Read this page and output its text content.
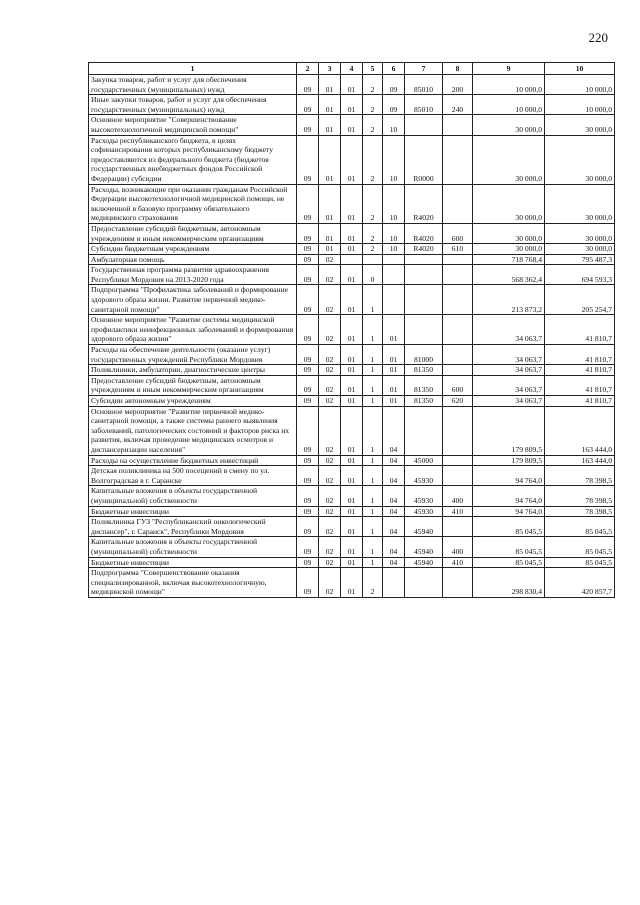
220
1	2	3	4	5	6	7	8	9	10
Закупка товаров, работ и услуг для обеспечения государственных (муниципальных) нужд	09	01	01	2	09	85010	200	10 000,0	10 000,0
Иные закупки товаров, работ и услуг для обеспечения государственных (муниципальных) нужд	09	01	01	2	09	85010	240	10 000,0	10 000,0
Основное мероприятие "Совершенствование высокотехнологичной медицинской помощи"	09	01	01	2	10			30 000,0	30 000,0
Расходы республиканского бюджета, в целях софинансирования которых республиканскому бюджету предоставляются из федерального бюджета (бюджетов государственных внебюджетных фондов Российской Федерации) субсидии	09	01	01	2	10	R0000		30 000,0	30 000,0
Расходы, возникающие при оказании гражданам Российской Федерации высокотехнологичной медицинской помощи, не включенной в базовую программу обязательного медицинского страхования	09	01	01	2	10	R4020		30 000,0	30 000,0
Предоставление субсидий бюджетным, автономным учреждениям и иным некоммерческим организациям	09	01	01	2	10	R4020	600	30 000,0	30 000,0
Субсидии бюджетным учреждениям	09	01	01	2	10	R4020	610	30 000,0	30 000,0
Амбулаторная помощь	09	02						718 768,4	795 487,3
Государственная программа развития здравоохранения Республики Мордовия на 2013-2020 года	09	02	01	0				568 362,4	694 593,3
Подпрограмма "Профилактика заболеваний и формирование здорового образа жизни. Развитие первичной медико-санитарной помощи"	09	02	01	1				213 873,2	205 254,7
Основное мероприятие "Развитие системы медицинской профилактики неинфекционных заболеваний и формирования здорового образа жизни"	09	02	01	1	01			34 063,7	41 810,7
Расходы на обеспечение деятельности (оказание услуг) государственных учреждений Республики Мордовия	09	02	01	1	01	81000		34 063,7	41 810,7
Поликлиники, амбулатории, диагностические центры	09	02	01	1	01	81350		34 063,7	41 810,7
Предоставление субсидий бюджетным, автономным учреждениям и иным некоммерческим организациям	09	02	01	1	01	81350	600	34 063,7	41 810,7
Субсидии автономным учреждениям	09	02	01	1	01	81350	620	34 063,7	41 810,7
Основное мероприятие "Развитие первичной медико-санитарной помощи, а также системы раннего выявления заболеваний, патологических состояний и факторов риска их развития, включая проведение медицинских осмотров и диспансеризации населения"	09	02	01	1	04			179 809,5	163 444,0
Расходы на осуществление бюджетных инвестиций	09	02	01	1	04	45000		179 809,5	163 444,0
Детская поликлиника на 500 посещений в смену по ул. Волгоградская в г. Саранске	09	02	01	1	04	45930		94 764,0	78 398,5
Капитальные вложения в объекты государственной (муниципальной) собственности	09	02	01	1	04	45930	400	94 764,0	78 398,5
Бюджетные инвестиции	09	02	01	1	04	45930	410	94 764,0	78 398,5
Поликлиника ГУЗ "Республиканский онкологический диспансер", г. Саранск", Республики Мордовия	09	02	01	1	04	45940		85 045,5	85 045,5
Капитальные вложения в объекты государственной (муниципальной) собственности	09	02	01	1	04	45940	400	85 045,5	85 045,5
Бюджетные инвестиции	09	02	01	1	04	45940	410	85 045,5	85 045,5
Подпрограмма "Совершенствование оказания специализированной, включая высокотехнологичную, медицинской помощи"	09	02	01	2				298 830,4	420 857,7
